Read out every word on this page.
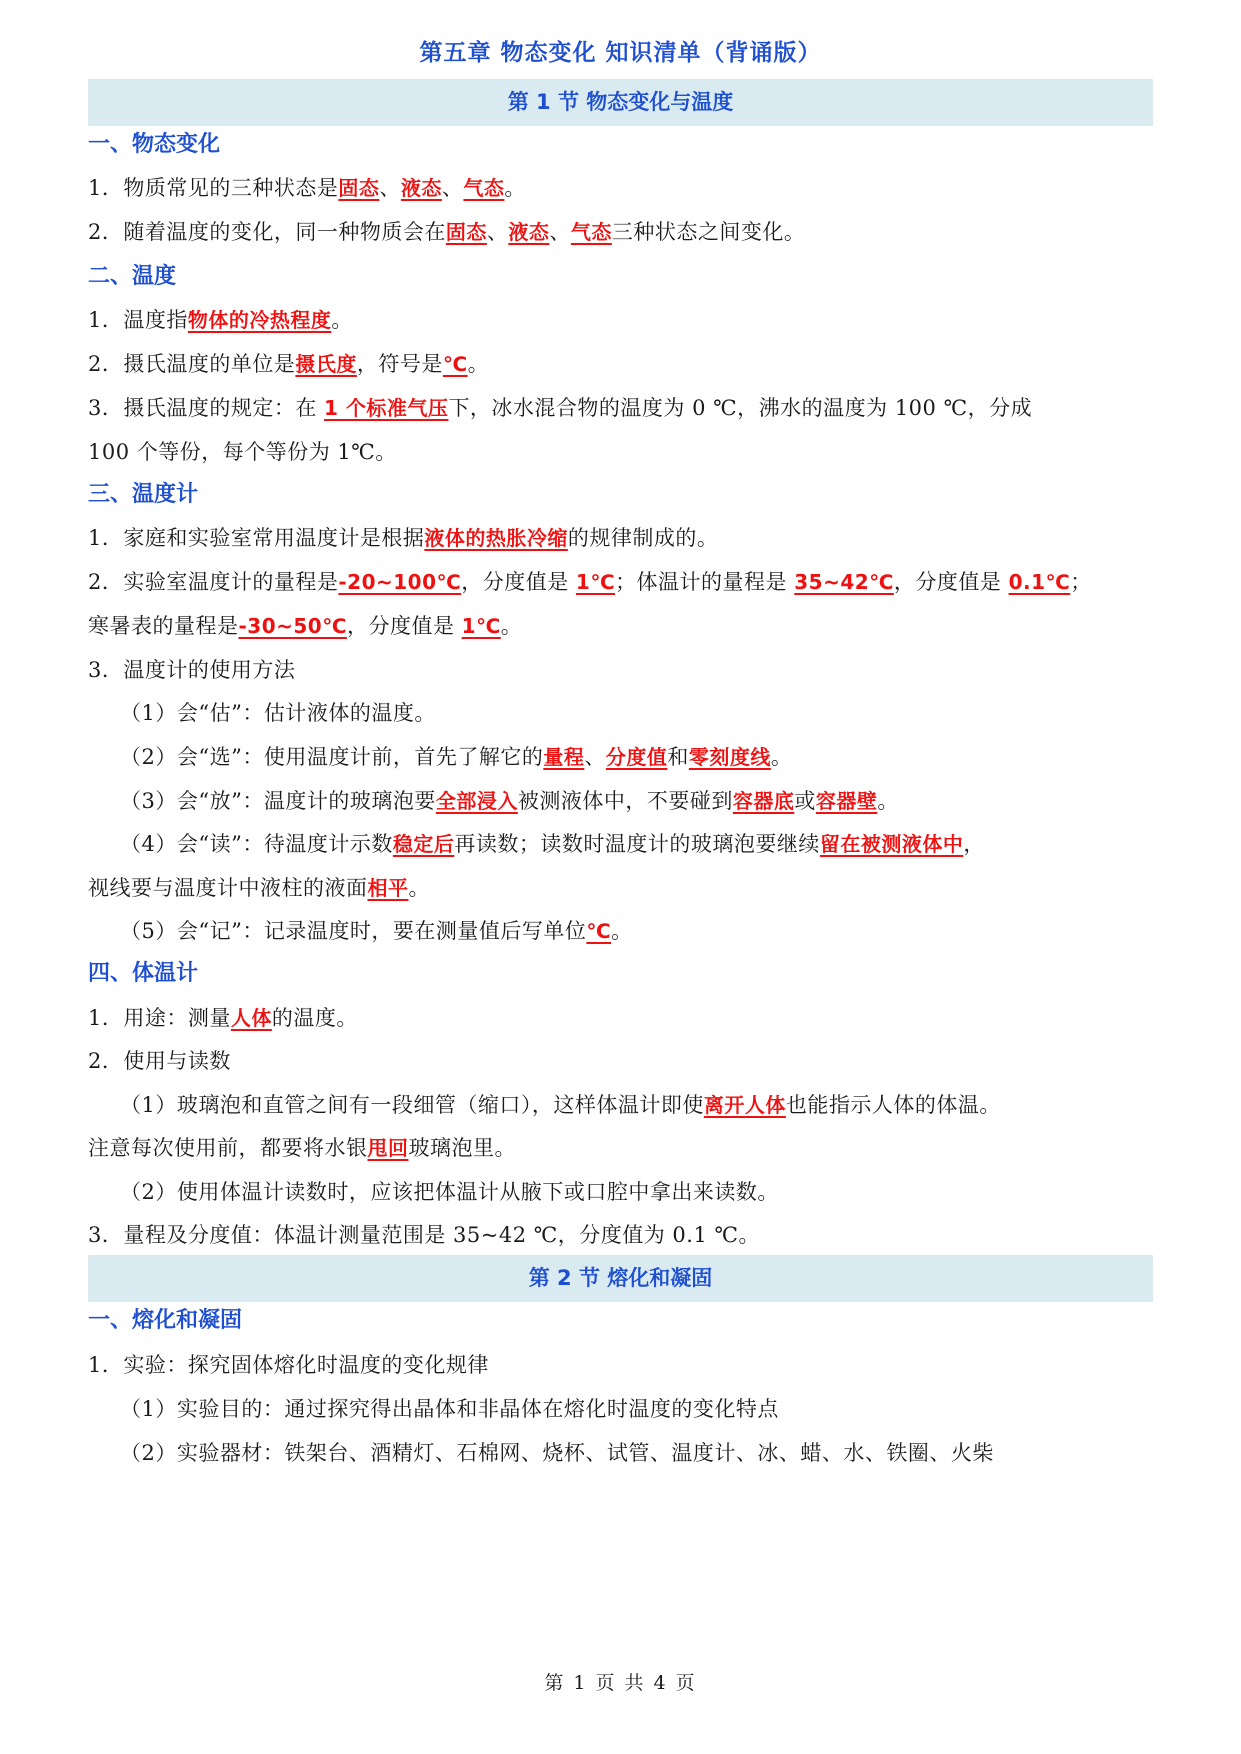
第五章 物态变化 知识清单（背诵版）
第 1 节 物态变化与温度
一、物态变化
1．物质常见的三种状态是固态、液态、气态。
2．随着温度的变化，同一种物质会在固态、液态、气态三种状态之间变化。
二、温度
1．温度指物体的冷热程度。
2．摄氏温度的单位是摄氏度，符号是℃。
3．摄氏温度的规定：在 1 个标准气压下，冰水混合物的温度为 0 ℃，沸水的温度为 100 ℃，分成
100 个等份，每个等份为 1℃。
三、温度计
1．家庭和实验室常用温度计是根据液体的热胀冷缩的规律制成的。
2．实验室温度计的量程是-20~100℃，分度值是 1℃；体温计的量程是 35~42℃，分度值是 0.1℃；
寒暑表的量程是-30~50℃，分度值是 1℃。
3．温度计的使用方法
（1）会“估”：估计液体的温度。
（2）会“选”：使用温度计前，首先了解它的量程、分度值和零刻度线。
（3）会“放”：温度计的玻璃泡要全部浸入被测液体中，不要碰到容器底或容器壁。
（4）会“读”：待温度计示数稳定后再读数；读数时温度计的玻璃泡要继续留在被测液体中，
视线要与温度计中液柱的液面相平。
（5）会“记”：记录温度时，要在测量值后写单位℃。
四、体温计
1．用途：测量人体的温度。
2．使用与读数
（1）玻璃泡和直管之间有一段细管（缩口），这样体温计即使离开人体也能指示人体的体温。
注意每次使用前，都要将水银甩回玻璃泡里。
（2）使用体温计读数时，应该把体温计从腋下或口腔中拿出来读数。
3．量程及分度值：体温计测量范围是 35~42 ℃，分度值为 0.1 ℃。
第 2 节 熔化和凝固
一、熔化和凝固
1．实验：探究固体熔化时温度的变化规律
（1）实验目的：通过探究得出晶体和非晶体在熔化时温度的变化特点
（2）实验器材：铁架台、酒精灯、石棉网、烧杯、试管、温度计、冰、蜡、水、铁圈、火柴
第 1 页 共 4 页
